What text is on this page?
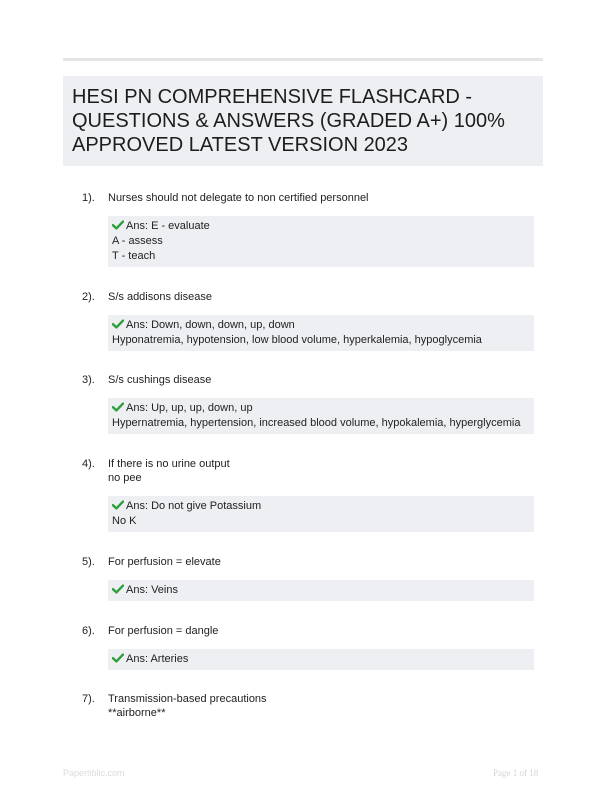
HESI PN COMPREHENSIVE FLASHCARD -
QUESTIONS & ANSWERS (GRADED A+) 100%
APPROVED LATEST VERSION 2023
1). Nurses should not delegate to non certified personnel
Ans: E - evaluate
A - assess
T - teach
2). S/s addisons disease
Ans: Down, down, down, up, down
Hyponatremia, hypotension, low blood volume, hyperkalemia, hypoglycemia
3). S/s cushings disease
Ans: Up, up, up, down, up
Hypernatremia, hypertension, increased blood volume, hypokalemia, hyperglycemia
4). If there is no urine output
no pee
Ans: Do not give Potassium
No K
5). For perfusion = elevate
Ans: Veins
6). For perfusion = dangle
Ans: Arteries
7). Transmission-based precautions
**airborne**
Papertiblic.com	Page 1 of 18
